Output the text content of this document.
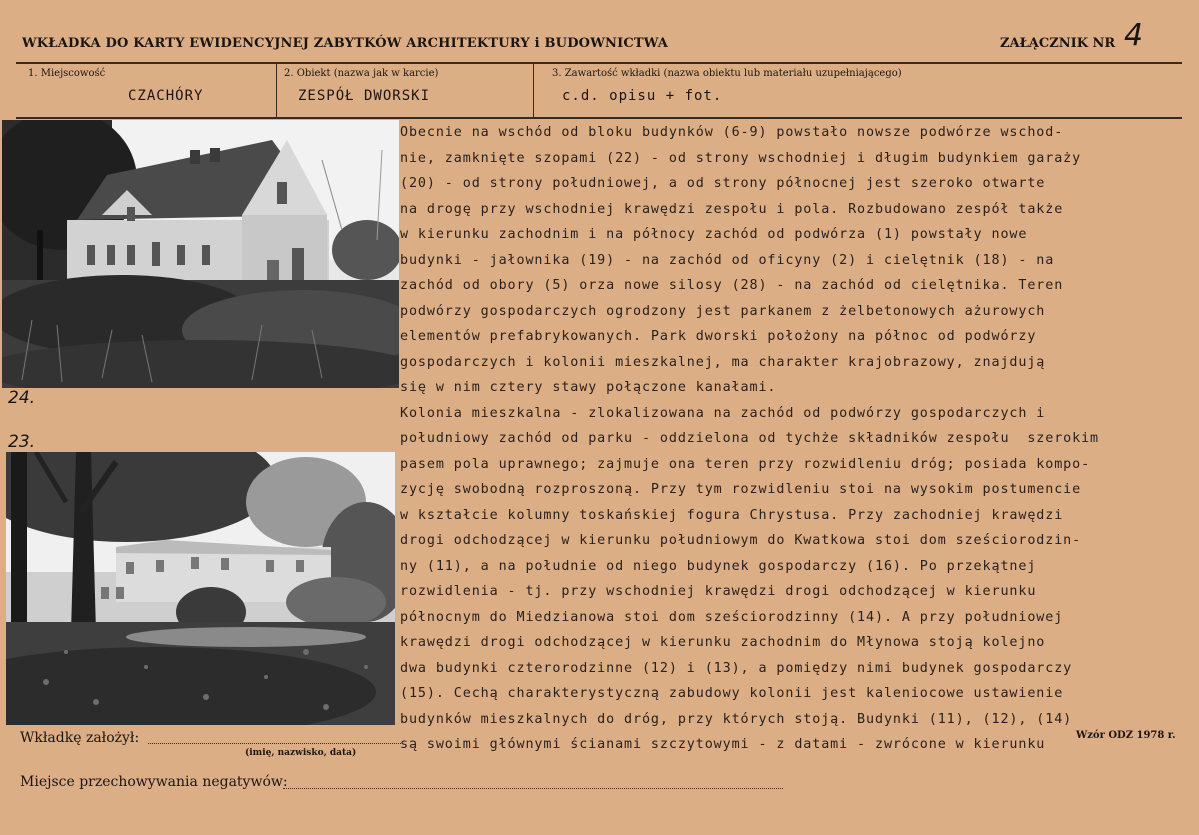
WKŁADKA DO KARTY EWIDENCYJNEJ ZABYTKÓW ARCHITEKTURY i BUDOWNICTWA	ZAŁĄCZNIK NR 4
1. Miejscowość
CZACHÓRY
2. Obiekt (nazwa jak w karcie)
ZESPÓŁ DWORSKI
3. Zawartość wkładki (nazwa obiektu lub materiału uzupełniającego)
c.d. opisu + fot.
24.
23.
Obecnie na wschód od bloku budynków (6-9) powstało nowsze podwórze wschod-
nie, zamknięte szopami (22) - od strony wschodniej i długim budynkiem garaży
(20) - od strony południowej, a od strony północnej jest szeroko otwarte
na drogę przy wschodniej krawędzi zespołu i pola. Rozbudowano zespół także
w kierunku zachodnim i na północy zachód od podwórza (1) powstały nowe
budynki - jałownika (19) - na zachód od oficyny (2) i cielętnik (18) - na
zachód od obory (5) orza nowe silosy (28) - na zachód od cielętnika. Teren
podwórzy gospodarczych ogrodzony jest parkanem z żelbetonowych ażurowych
elementów prefabrykowanych. Park dworski położony na północ od podwórzy
gospodarczych i kolonii mieszkalnej, ma charakter krajobrazowy, znajdują
się w nim cztery stawy połączone kanałami.
Kolonia mieszkalna - zlokalizowana na zachód od podwórzy gospodarczych i
południowy zachód od parku - oddzielona od tychże składników zespołu  szerokim
pasem pola uprawnego; zajmuje ona teren przy rozwidleniu dróg; posiada kompo-
zycję swobodną rozproszoną. Przy tym rozwidleniu stoi na wysokim postumencie
w kształcie kolumny toskańskiej fogura Chrystusa. Przy zachodniej krawędzi
drogi odchodzącej w kierunku południowym do Kwatkowa stoi dom sześciorodzin-
ny (11), a na południe od niego budynek gospodarczy (16). Po przekątnej
rozwidlenia - tj. przy wschodniej krawędzi drogi odchodzącej w kierunku
północnym do Miedzianowa stoi dom sześciorodzinny (14). A przy południowej
krawędzi drogi odchodzącej w kierunku zachodnim do Młynowa stoją kolejno
dwa budynki czterorodzinne (12) i (13), a pomiędzy nimi budynek gospodarczy
(15). Cechą charakterystyczną zabudowy kolonii jest kaleniocowe ustawienie
budynków mieszkalnych do dróg, przy których stoją. Budynki (11), (12), (14)
są swoimi głównymi ścianami szczytowymi - z datami - zwrócone w kierunku
Wkładkę założył:
(imię, nazwisko, data)
Wzór ODZ 1978 r.
Miejsce przechowywania negatywów:
